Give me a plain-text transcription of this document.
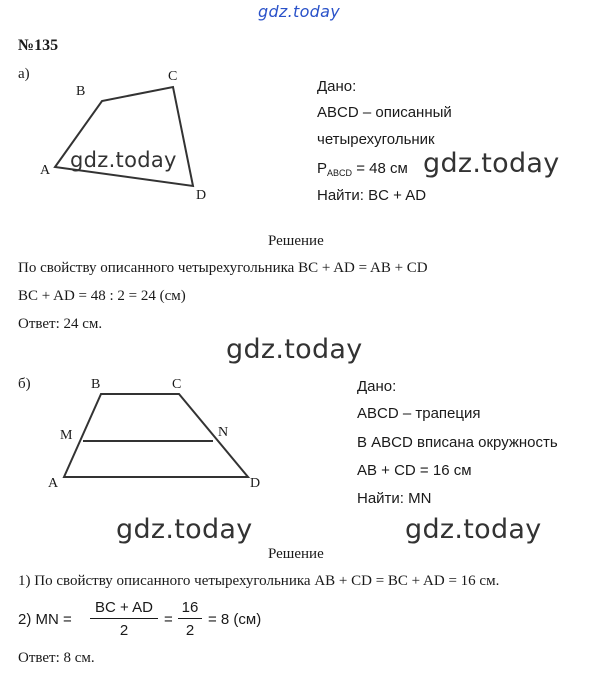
gdz.today
№135
а)
A
B
C
D
gdz.today
Дано:
ABCD – описанный
четырехугольник
$P_{ABCD} = 48$ см gdz.today
Найти: BC + AD
Решение
По свойству описанного четырехугольника BC + AD = AB + CD
BC + AD = 48 : 2 = 24 (см)
Ответ: 24 см.
gdz.today
б)
A
B	C
D
M	N
Дано:
ABCD – трапеция
В ABCD вписана окружность
AB + CD = 16 см
Найти: MN
gdz.today	gdz.today
Решение
1) По свойству описанного четырехугольника AB + CD = BC + AD = 16 см.
2) MN = $\frac{BC + AD}{2} = \frac{16}{2} = 8$ (см)
Ответ: 8 см.
